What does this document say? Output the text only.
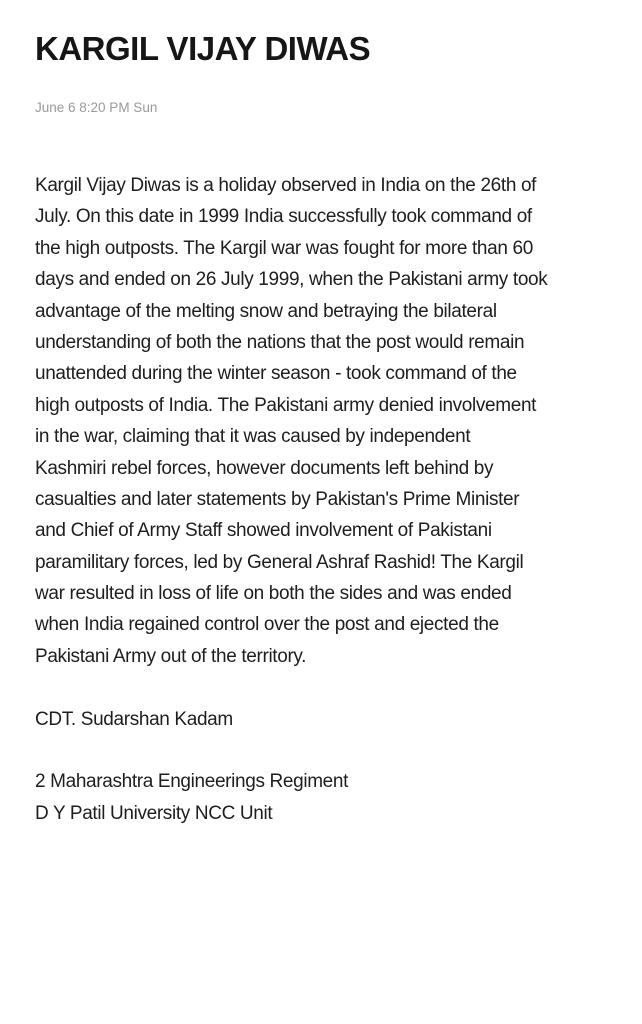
KARGIL VIJAY DIWAS
June 6 8:20 PM Sun
Kargil Vijay Diwas is a holiday observed in India on the 26th of
July. On this date in 1999 India successfully took command of
the high outposts. The Kargil war was fought for more than 60
days and ended on 26 July 1999, when the Pakistani army took
advantage of the melting snow and betraying the bilateral
understanding of both the nations that the post would remain
unattended during the winter season - took command of the
high outposts of India. The Pakistani army denied involvement
in the war, claiming that it was caused by independent
Kashmiri rebel forces, however documents left behind by
casualties and later statements by Pakistan's Prime Minister
and Chief of Army Staff showed involvement of Pakistani
paramilitary forces, led by General Ashraf Rashid! The Kargil
war resulted in loss of life on both the sides and was ended
when India regained control over the post and ejected the
Pakistani Army out of the territory.
CDT. Sudarshan Kadam
2 Maharashtra Engineerings Regiment
D Y Patil University NCC Unit
